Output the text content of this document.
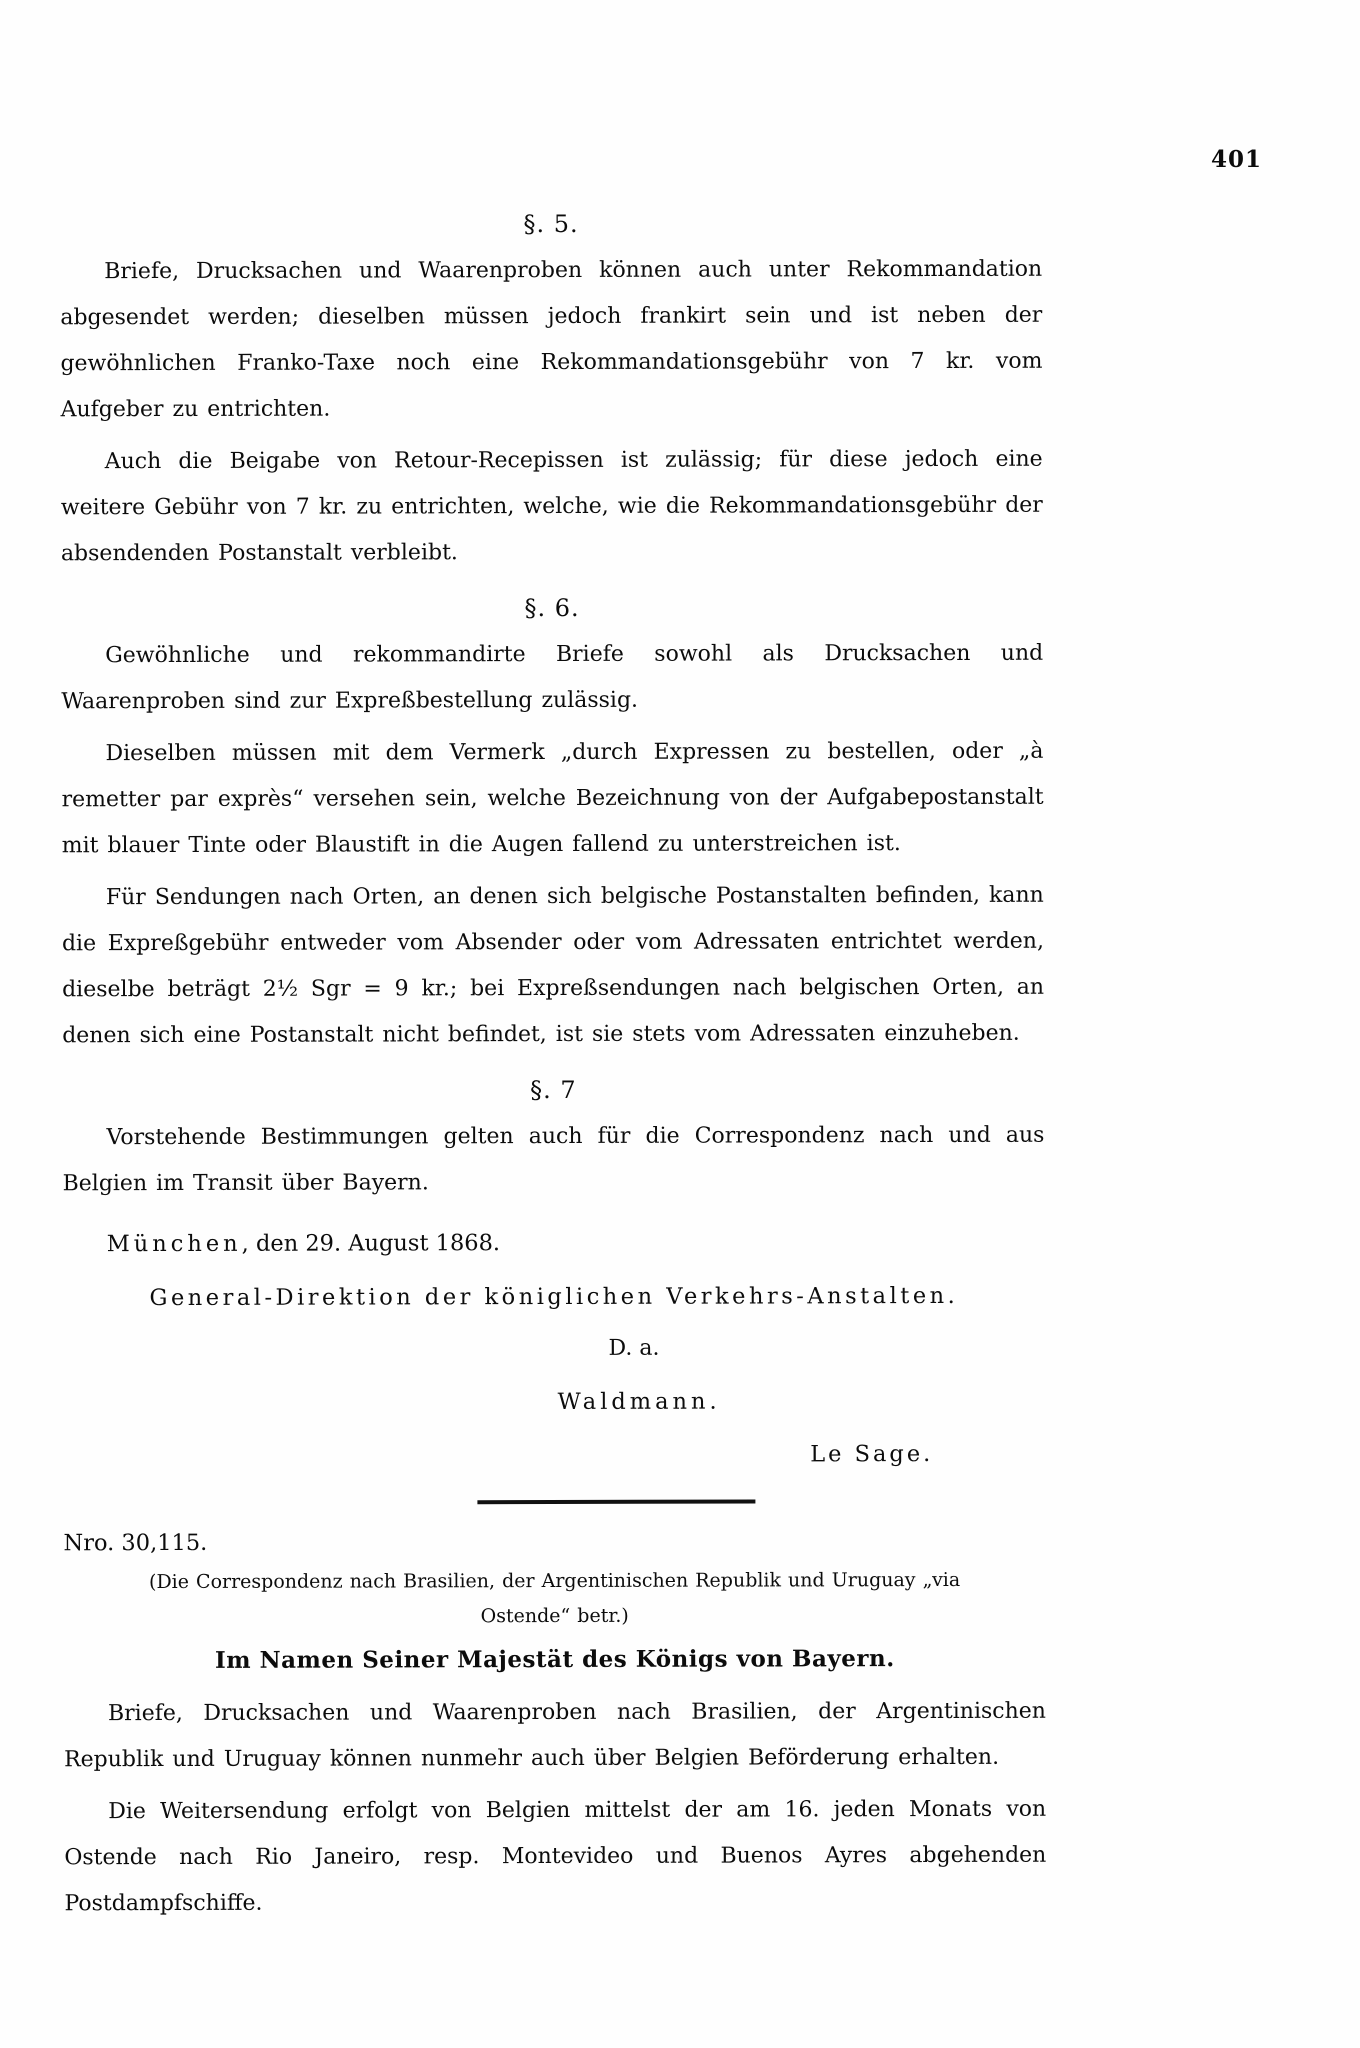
401
§. 5.

Briefe, Drucksachen und Waarenproben können auch unter Rekommandation abgesendet werden; dieselben müssen jedoch frankirt sein und ist neben der gewöhnlichen Franko-Taxe noch eine Rekommandationsgebühr von 7 kr. vom Aufgeber zu entrichten.

Auch die Beigabe von Retour-Recepissen ist zulässig; für diese jedoch eine weitere Gebühr von 7 kr. zu entrichten, welche, wie die Rekommandationsgebühr der absendenden Postanstalt verbleibt.

§. 6.

Gewöhnliche und rekommandirte Briefe sowohl als Drucksachen und Waarenproben sind zur Expreßbestellung zulässig.

Dieselben müssen mit dem Vermerk „durch Expressen zu bestellen, oder „à remetter par exprès“ versehen sein, welche Bezeichnung von der Aufgabepostanstalt mit blauer Tinte oder Blaustift in die Augen fallend zu unterstreichen ist.

Für Sendungen nach Orten, an denen sich belgische Postanstalten befinden, kann die Expreßgebühr entweder vom Absender oder vom Adressaten entrichtet werden, dieselbe beträgt 2½ Sgr = 9 kr.; bei Expreßsendungen nach belgischen Orten, an denen sich eine Postanstalt nicht befindet, ist sie stets vom Adressaten einzuheben.

§. 7

Vorstehende Bestimmungen gelten auch für die Correspondenz nach und aus Belgien im Transit über Bayern.

München, den 29. August 1868.

General-Direktion der königlichen Verkehrs-Anstalten.
D. a.
Waldmann.
Le Sage.
Nro. 30,115.
(Die Correspondenz nach Brasilien, der Argentinischen Republik und Uruguay „via Ostende“ betr.)
Im Namen Seiner Majestät des Königs von Bayern.

Briefe, Drucksachen und Waarenproben nach Brasilien, der Argentinischen Republik und Uruguay können nunmehr auch über Belgien Beförderung erhalten.

Die Weitersendung erfolgt von Belgien mittelst der am 16. jeden Monats von Ostende nach Rio Janeiro, resp. Montevideo und Buenos Ayres abgehenden Postdampfschiffe.
